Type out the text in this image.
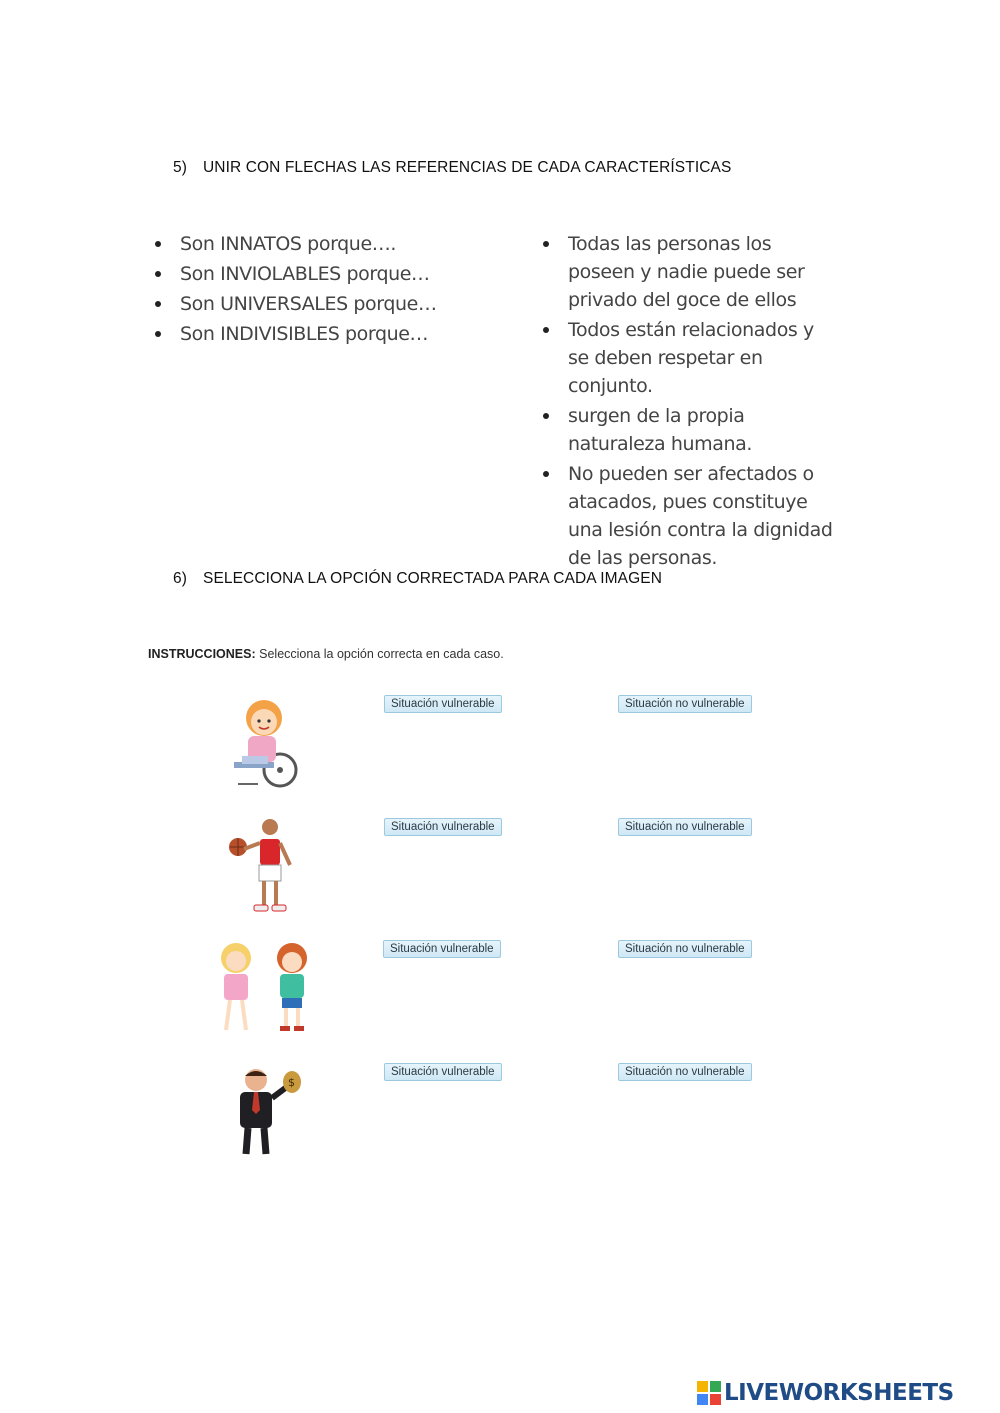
5) UNIR CON FLECHAS LAS REFERENCIAS DE CADA CARACTERÍSTICAS
Son INNATOS porque….
Son INVIOLABLES porque…
Son UNIVERSALES porque…
Son INDIVISIBLES porque…
Todas las personas los poseen y nadie puede ser privado del goce de ellos
Todos están relacionados y se deben respetar en conjunto.
surgen de la propia naturaleza humana.
No pueden ser afectados o atacados, pues constituye una lesión contra la dignidad de las personas.
6) SELECCIONA LA OPCIÓN CORRECTADA PARA CADA IMAGEN
INSTRUCCIONES: Selecciona la opción correcta en cada caso.
Situación vulnerable	Situación no vulnerable
Situación vulnerable	Situación no vulnerable
Situación vulnerable	Situación no vulnerable
$
Situación vulnerable	Situación no vulnerable
LIVEWORKSHEETS
